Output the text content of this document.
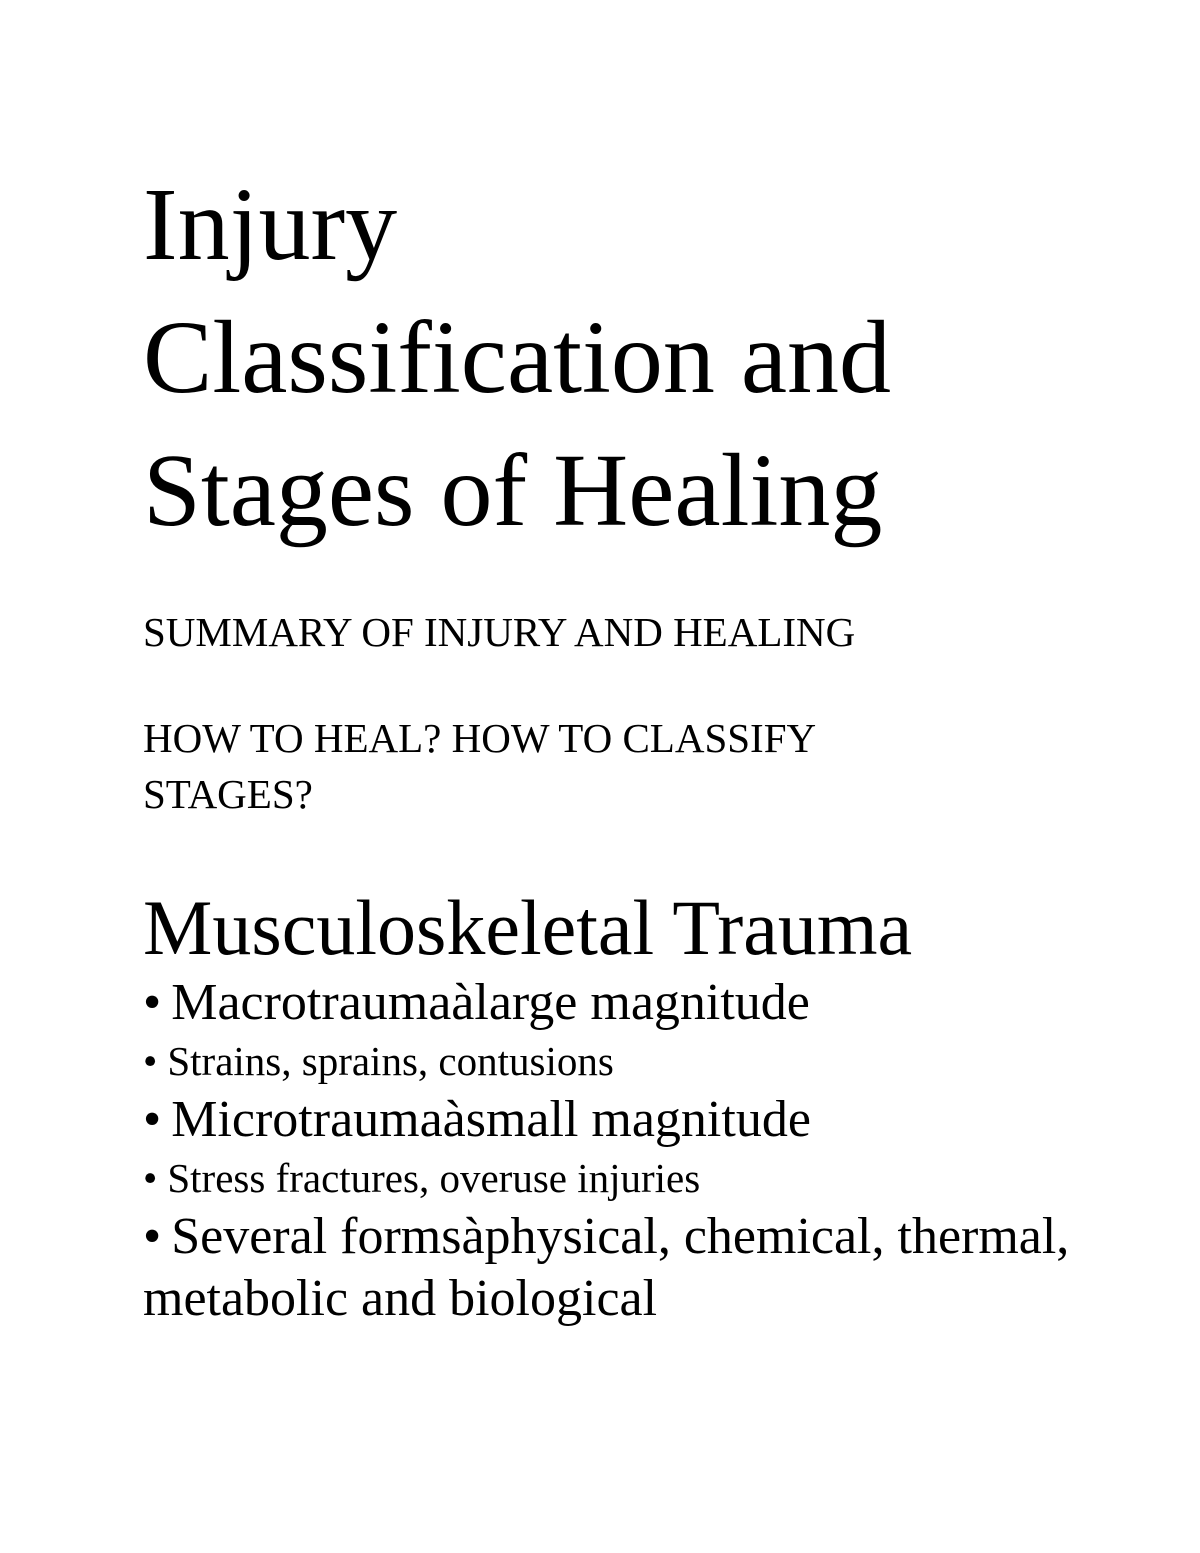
Injury
Classification and
Stages of Healing

SUMMARY OF INJURY AND HEALING

HOW TO HEAL? HOW TO CLASSIFY STAGES?

Musculoskeletal Trauma
• Macrotraumaàlarge magnitude
• Strains, sprains, contusions
• Microtraumaàsmall magnitude
• Stress fractures, overuse injuries
• Several formsàphysical, chemical, thermal, metabolic and biological
